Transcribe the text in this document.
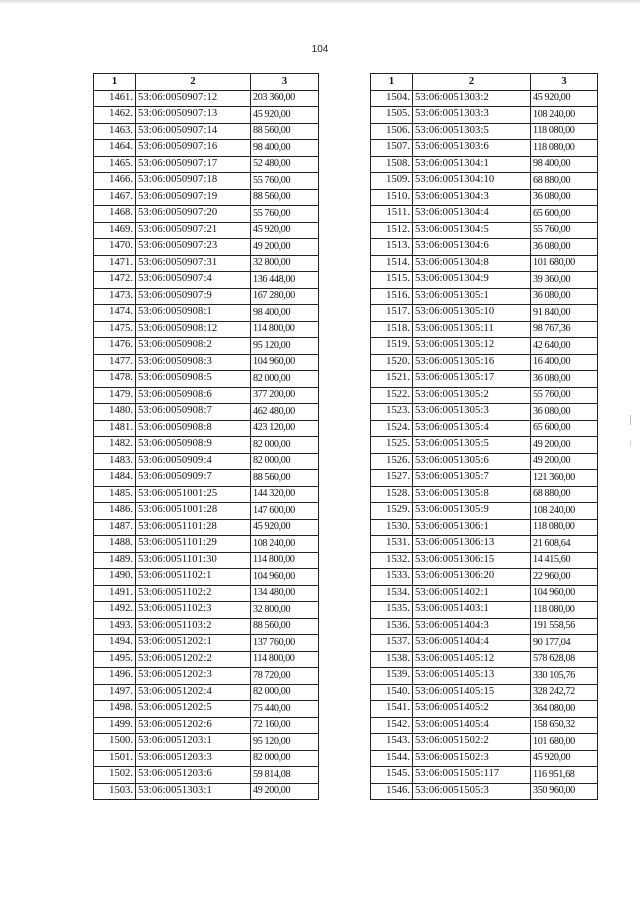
104
1	2	3
1461.	53:06:0050907:12	203 360,00
1462.	53:06:0050907:13	45 920,00
1463.	53:06:0050907:14	88 560,00
1464.	53:06:0050907:16	98 400,00
1465.	53:06:0050907:17	52 480,00
1466.	53:06:0050907:18	55 760,00
1467.	53:06:0050907:19	88 560,00
1468.	53:06:0050907:20	55 760,00
1469.	53:06:0050907:21	45 920,00
1470.	53:06:0050907:23	49 200,00
1471.	53:06:0050907:31	32 800,00
1472.	53:06:0050907:4	136 448,00
1473.	53:06:0050907:9	167 280,00
1474.	53:06:0050908:1	98 400,00
1475.	53:06:0050908:12	114 800,00
1476.	53:06:0050908:2	95 120,00
1477.	53:06:0050908:3	104 960,00
1478.	53:06:0050908:5	82 000,00
1479.	53:06:0050908:6	377 200,00
1480.	53:06:0050908:7	462 480,00
1481.	53:06:0050908:8	423 120,00
1482.	53:06:0050908:9	82 000,00
1483.	53:06:0050909:4	82 000,00
1484.	53:06:0050909:7	88 560,00
1485.	53:06:0051001:25	144 320,00
1486.	53:06:0051001:28	147 600,00
1487.	53:06:0051101:28	45 920,00
1488.	53:06:0051101:29	108 240,00
1489.	53:06:0051101:30	114 800,00
1490.	53:06:0051102:1	104 960,00
1491.	53:06:0051102:2	134 480,00
1492.	53:06:0051102:3	32 800,00
1493.	53:06:0051103:2	88 560,00
1494.	53:06:0051202:1	137 760,00
1495.	53:06:0051202:2	114 800,00
1496.	53:06:0051202:3	78 720,00
1497.	53:06:0051202:4	82 000,00
1498.	53:06:0051202:5	75 440,00
1499.	53:06:0051202:6	72 160,00
1500.	53:06:0051203:1	95 120,00
1501.	53:06:0051203:3	82 000,00
1502.	53:06:0051203:6	59 814,08
1503.	53:06:0051303:1	49 200,00
1	2	3
1504.	53:06:0051303:2	45 920,00
1505.	53:06:0051303:3	108 240,00
1506.	53:06:0051303:5	118 080,00
1507.	53:06:0051303:6	118 080,00
1508.	53:06:0051304:1	98 400,00
1509.	53:06:0051304:10	68 880,00
1510.	53:06:0051304:3	36 080,00
1511.	53:06:0051304:4	65 600,00
1512.	53:06:0051304:5	55 760,00
1513.	53:06:0051304:6	36 080,00
1514.	53:06:0051304:8	101 680,00
1515.	53:06:0051304:9	39 360,00
1516.	53:06:0051305:1	36 080,00
1517.	53:06:0051305:10	91 840,00
1518.	53:06:0051305:11	98 767,36
1519.	53:06:0051305:12	42 640,00
1520.	53:06:0051305:16	16 400,00
1521.	53:06:0051305:17	36 080,00
1522.	53:06:0051305:2	55 760,00
1523.	53:06:0051305:3	36 080,00
1524.	53:06:0051305:4	65 600,00
1525.	53:06:0051305:5	49 200,00
1526.	53:06:0051305:6	49 200,00
1527.	53:06:0051305:7	121 360,00
1528.	53:06:0051305:8	68 880,00
1529.	53:06:0051305:9	108 240,00
1530.	53:06:0051306:1	118 080,00
1531.	53:06:0051306:13	21 608,64
1532.	53:06:0051306:15	14 415,60
1533.	53:06:0051306:20	22 960,00
1534.	53:06:0051402:1	104 960,00
1535.	53:06:0051403:1	118 080,00
1536.	53:06:0051404:3	191 558,56
1537.	53:06:0051404:4	90 177,04
1538.	53:06:0051405:12	578 628,08
1539.	53:06:0051405:13	330 105,76
1540.	53:06:0051405:15	328 242,72
1541.	53:06:0051405:2	364 080,00
1542.	53:06:0051405:4	158 650,32
1543.	53:06:0051502:2	101 680,00
1544.	53:06:0051502:3	45 920,00
1545.	53:06:0051505:117	116 951,68
1546.	53:06:0051505:3	350 960,00
